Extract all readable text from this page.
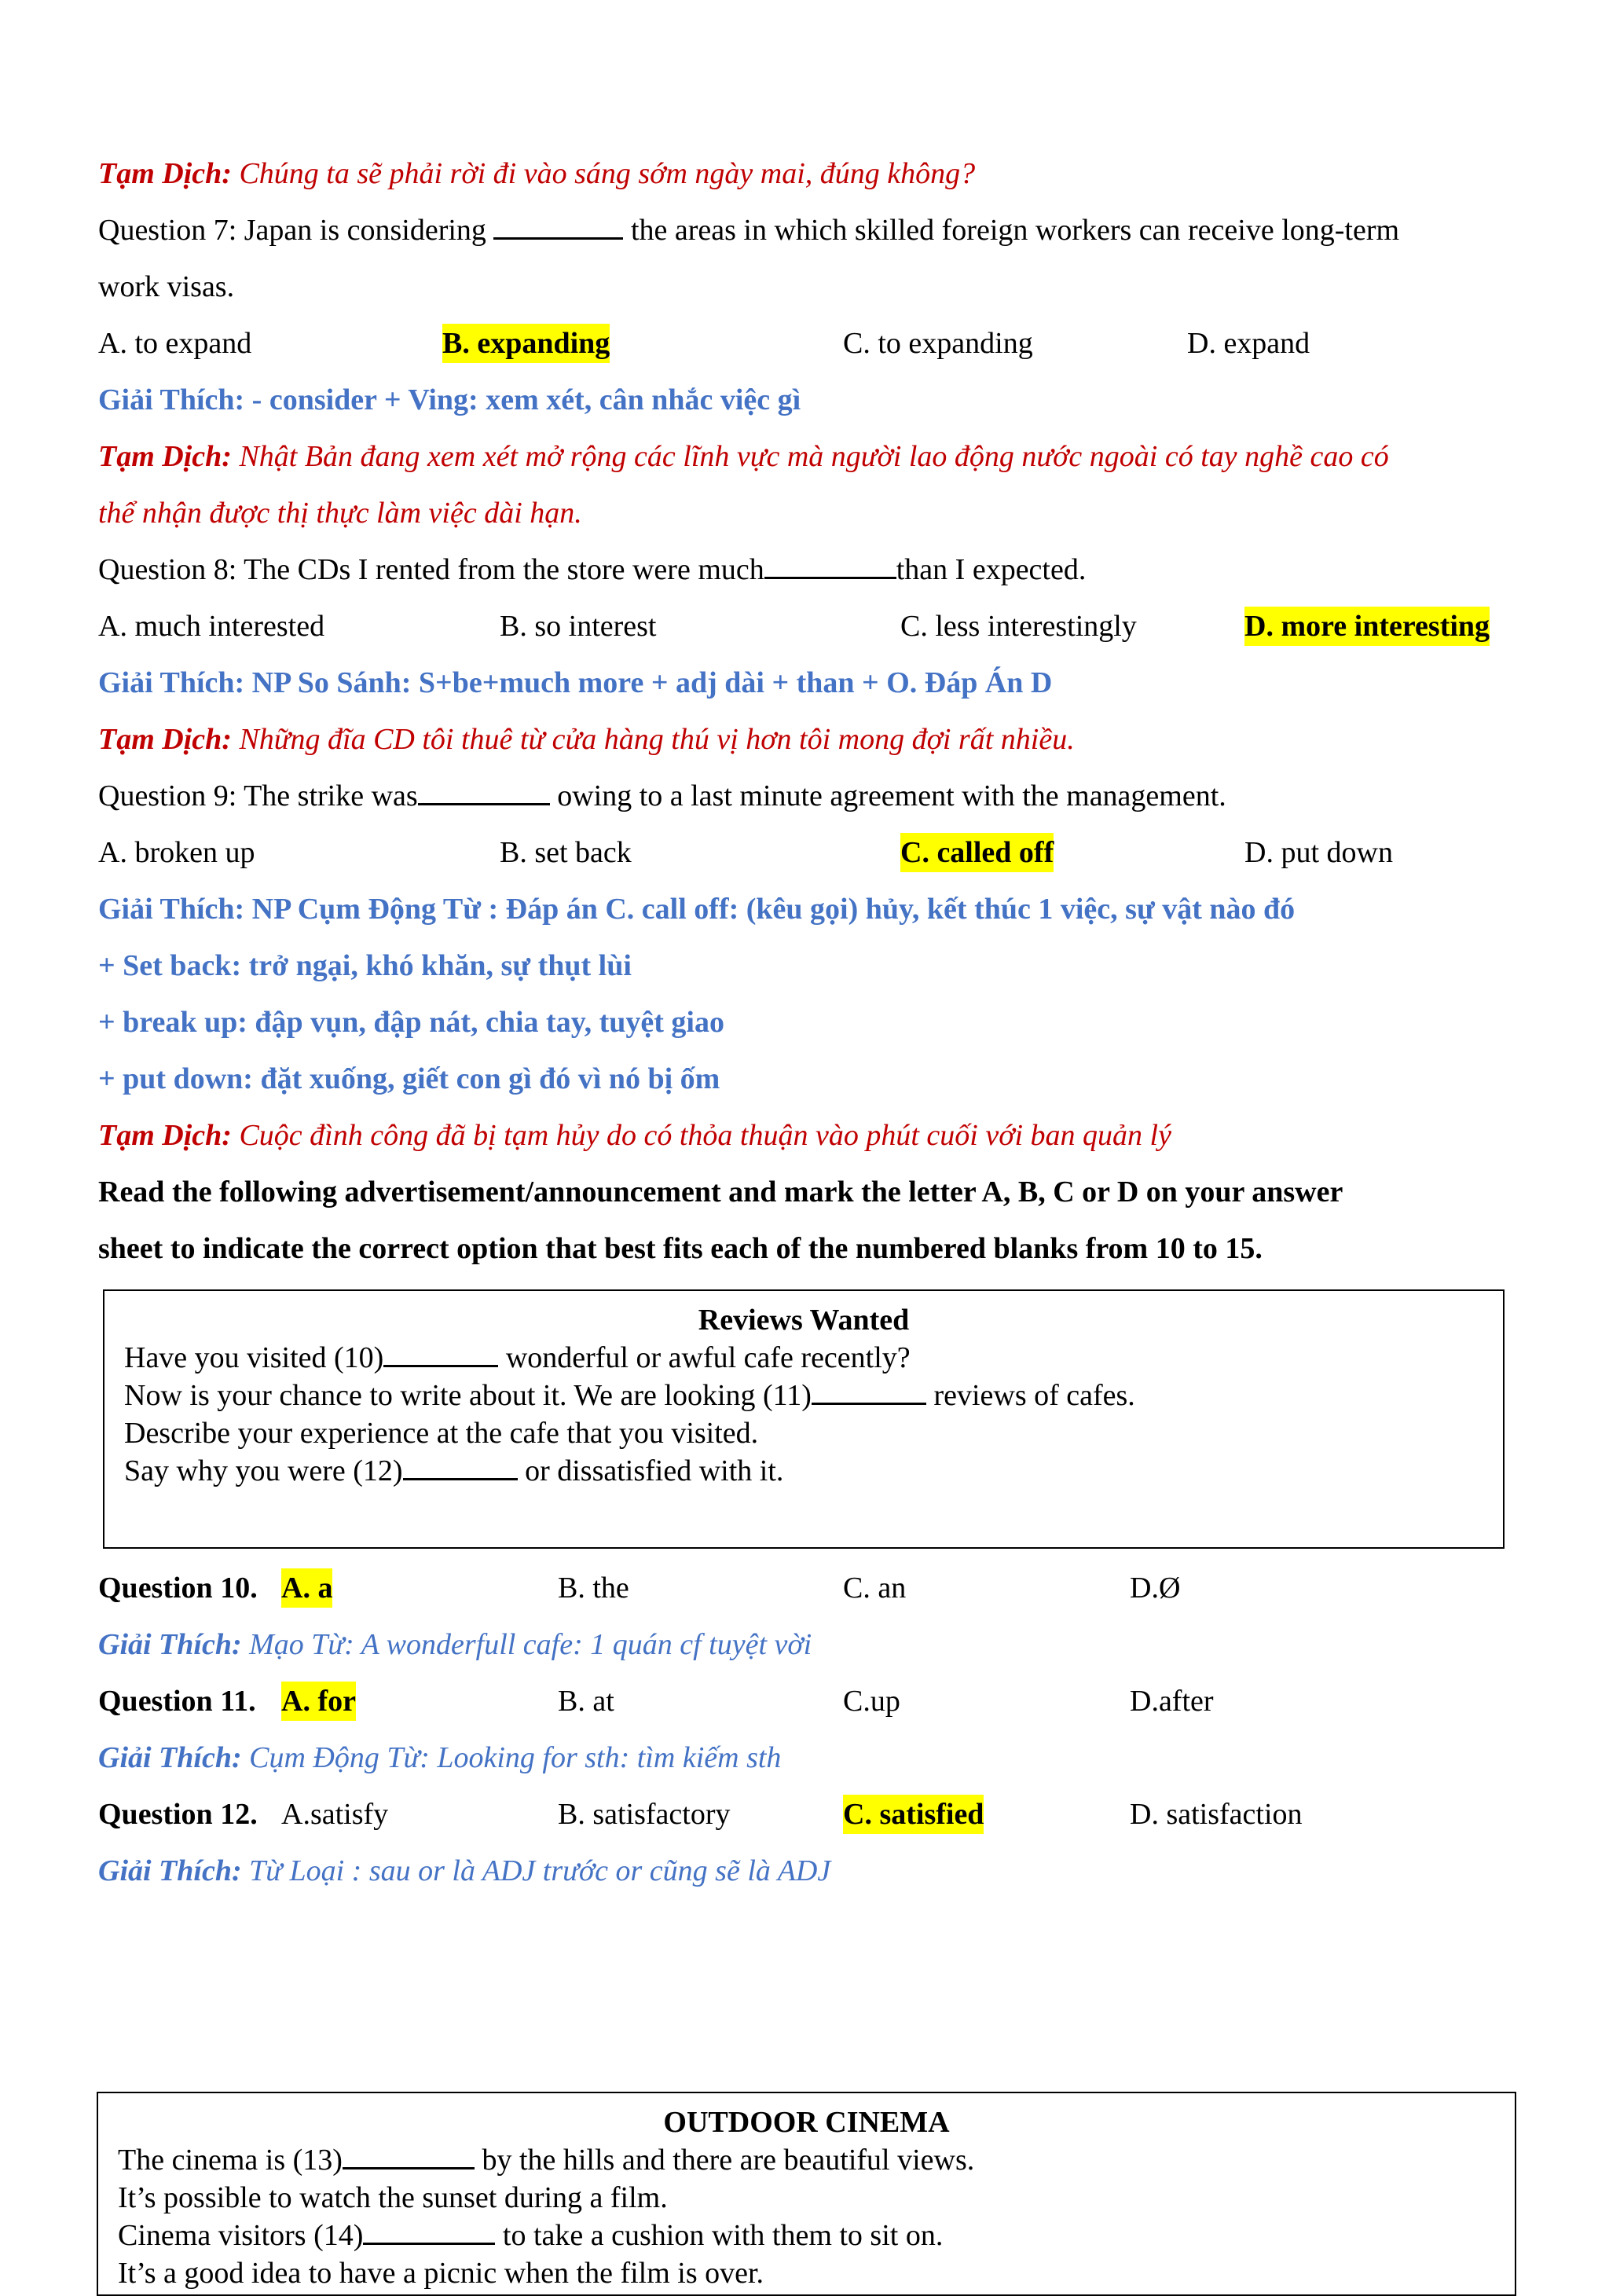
Tạm Dịch: Chúng ta sẽ phải rời đi vào sáng sớm ngày mai, đúng không?
Question 7: Japan is considering	the areas in which skilled foreign workers can receive long-term
work visas.
A. to expand	B. expanding	C. to expanding	D. expand
Giải Thích: - consider + Ving: xem xét, cân nhắc việc gì
Tạm Dịch: Nhật Bản đang xem xét mở rộng các lĩnh vực mà người lao động nước ngoài có tay nghề cao có
thể nhận được thị thực làm việc dài hạn.
Question 8: The CDs I rented from the store were much	than I expected.
A. much interested	B. so interest	C. less interestingly	D. more interesting
Giải Thích: NP So Sánh: S+be+much more + adj dài + than + O. Đáp Án D
Tạm Dịch: Những đĩa CD tôi thuê từ cửa hàng thú vị hơn tôi mong đợi rất nhiều.
Question 9: The strike was	owing to a last minute agreement with the management.
A. broken up	B. set back	C. called off	D. put down
Giải Thích: NP Cụm Động Từ : Đáp án C. call off: (kêu gọi) hủy, kết thúc 1 việc, sự vật nào đó
+ Set back: trở ngại, khó khăn, sự thụt lùi
+ break up: đập vụn, đập nát, chia tay, tuyệt giao
+ put down: đặt xuống, giết con gì đó vì nó bị ốm
Tạm Dịch: Cuộc đình công đã bị tạm hủy do có thỏa thuận vào phút cuối với ban quản lý
Read the following advertisement/announcement and mark the letter A, B, C or D on your answer
sheet to indicate the correct option that best fits each of the numbered blanks from 10 to 15.
Reviews Wanted
Have you visited (10)	wonderful or awful cafe recently?
Now is your chance to write about it. We are looking (11)	reviews of cafes.
Describe your experience at the cafe that you visited.
Say why you were (12)	or dissatisfied with it.
Question 10. A. a	B. the	C. an	D.Ø
Giải Thích: Mạo Từ: A wonderfull cafe: 1 quán cf tuyệt vời
Question 11. A. for	B. at	C.up	D.after
Giải Thích: Cụm Động Từ: Looking for sth: tìm kiếm sth
Question 12. A.satisfy	B. satisfactory	C. satisfied	D. satisfaction
Giải Thích: Từ Loại : sau or là ADJ trước or cũng sẽ là ADJ
OUTDOOR CINEMA
The cinema is (13)	by the hills and there are beautiful views.
It’s possible to watch the sunset during a film.
Cinema visitors (14)	to take a cushion with them to sit on.
It’s a good idea to have a picnic when the film is over.
